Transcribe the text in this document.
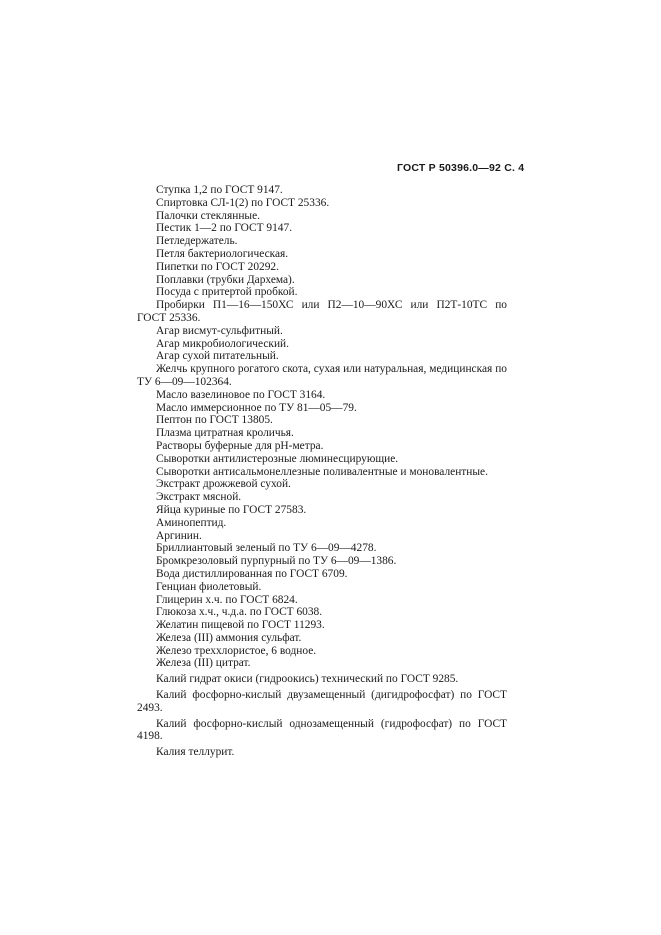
ГОСТ Р 50396.0—92 С. 4

Ступка 1,2 по ГОСТ 9147.

Спиртовка СЛ-1(2) по ГОСТ 25336.

Палочки стеклянные.

Пестик 1—2 по ГОСТ 9147.

Петледержатель.

Петля бактериологическая.

Пипетки по ГОСТ 20292.

Поплавки (трубки Дархема).

Посуда с притертой пробкой.

Пробирки П1—16—150ХС или П2—10—90ХС или П2Т-10ТС по ГОСТ 25336.

Агар висмут-сульфитный.

Агар микробиологический.

Агар сухой питательный.

Желчь крупного рогатого скота, сухая или натуральная, медицинская по ТУ 6—09—102364.

Масло вазелиновое по ГОСТ 3164.

Масло иммерсионное по ТУ 81—05—79.

Пептон по ГОСТ 13805.

Плазма цитратная кроличья.

Растворы буферные для pH-метра.

Сыворотки антилистерозные люминесцирующие.

Сыворотки антисальмонеллезные поливалентные и моновалентные.

Экстракт дрожжевой сухой.

Экстракт мясной.

Яйца куриные по ГОСТ 27583.

Аминопептид.

Аргинин.

Бриллиантовый зеленый по ТУ 6—09—4278.

Бромкрезоловый пурпурный по ТУ 6—09—1386.

Вода дистиллированная по ГОСТ 6709.

Генциан фиолетовый.

Глицерин х.ч. по ГОСТ 6824.

Глюкоза х.ч., ч.д.а. по ГОСТ 6038.

Желатин пищевой по ГОСТ 11293.

Железа (III) аммония сульфат.

Железо треххлористое, 6 водное.

Железа (III) цитрат.

Калий гидрат окиси (гидроокись) технический по ГОСТ 9285.

Калий фосфорно-кислый двузамещенный (дигидрофосфат) по ГОСТ 2493.

Калий фосфорно-кислый однозамещенный (гидрофосфат) по ГОСТ 4198.

Калия теллурит.
